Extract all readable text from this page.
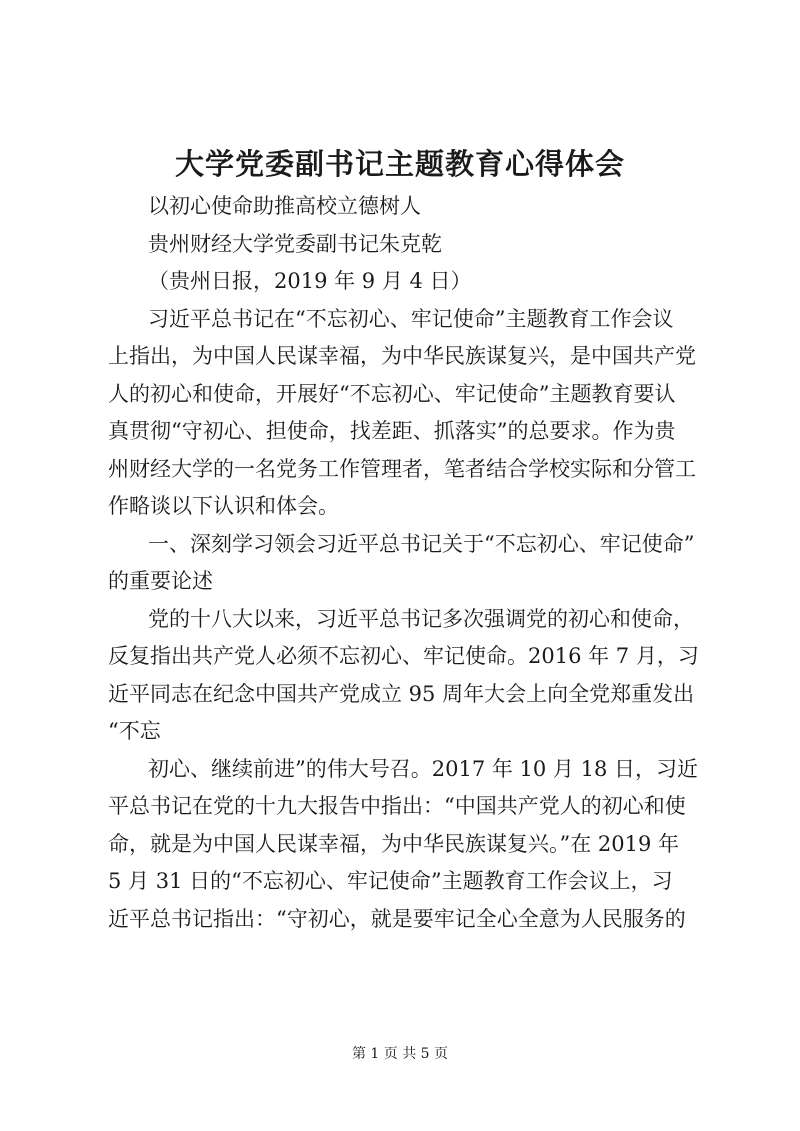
大学党委副书记主题教育心得体会
以初心使命助推高校立德树人
贵州财经大学党委副书记朱克乾
（贵州日报，2019 年 9 月 4 日）
习近平总书记在“不忘初心、牢记使命”主题教育工作会议
上指出，为中国人民谋幸福，为中华民族谋复兴，是中国共产党
人的初心和使命，开展好“不忘初心、牢记使命”主题教育要认
真贯彻“守初心、担使命，找差距、抓落实”的总要求。作为贵
州财经大学的一名党务工作管理者，笔者结合学校实际和分管工
作略谈以下认识和体会。
一、深刻学习领会习近平总书记关于“不忘初心、牢记使命”
的重要论述
党的十八大以来，习近平总书记多次强调党的初心和使命，
反复指出共产党人必须不忘初心、牢记使命。2016 年 7 月，习
近平同志在纪念中国共产党成立 95 周年大会上向全党郑重发出
“不忘
初心、继续前进”的伟大号召。2017 年 10 月 18 日，习近
平总书记在党的十九大报告中指出：“中国共产党人的初心和使
命，就是为中国人民谋幸福，为中华民族谋复兴。”在 2019 年
5 月 31 日的“不忘初心、牢记使命”主题教育工作会议上，习
近平总书记指出：“守初心，就是要牢记全心全意为人民服务的
第 1 页 共 5 页
